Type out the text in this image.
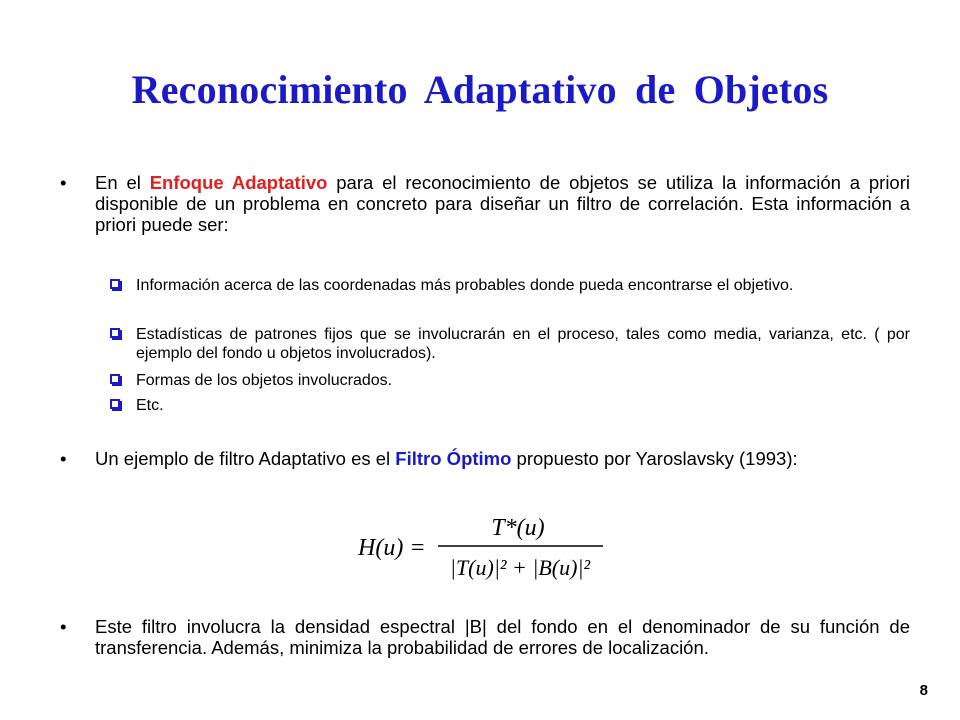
Reconocimiento Adaptativo de Objetos
• En el Enfoque Adaptativo para el reconocimiento de objetos se utiliza la información a priori disponible de un problema en concreto para diseñar un filtro de correlación. Esta información a priori puede ser:
Información acerca de las coordenadas más probables donde pueda encontrarse el objetivo.
Estadísticas de patrones fijos que se involucrarán en el proceso, tales como media, varianza, etc. ( por ejemplo del fondo u objetos involucrados).
Formas de los objetos involucrados.
Etc.
• Un ejemplo de filtro Adaptativo es el Filtro Óptimo propuesto por Yaroslavsky (1993):
H(u) =
T*(u)
|T(u)|² + |B(u)|²
• Este filtro involucra la densidad espectral |B| del fondo en el denominador de su función de transferencia. Además, minimiza la probabilidad de errores de localización.
8
